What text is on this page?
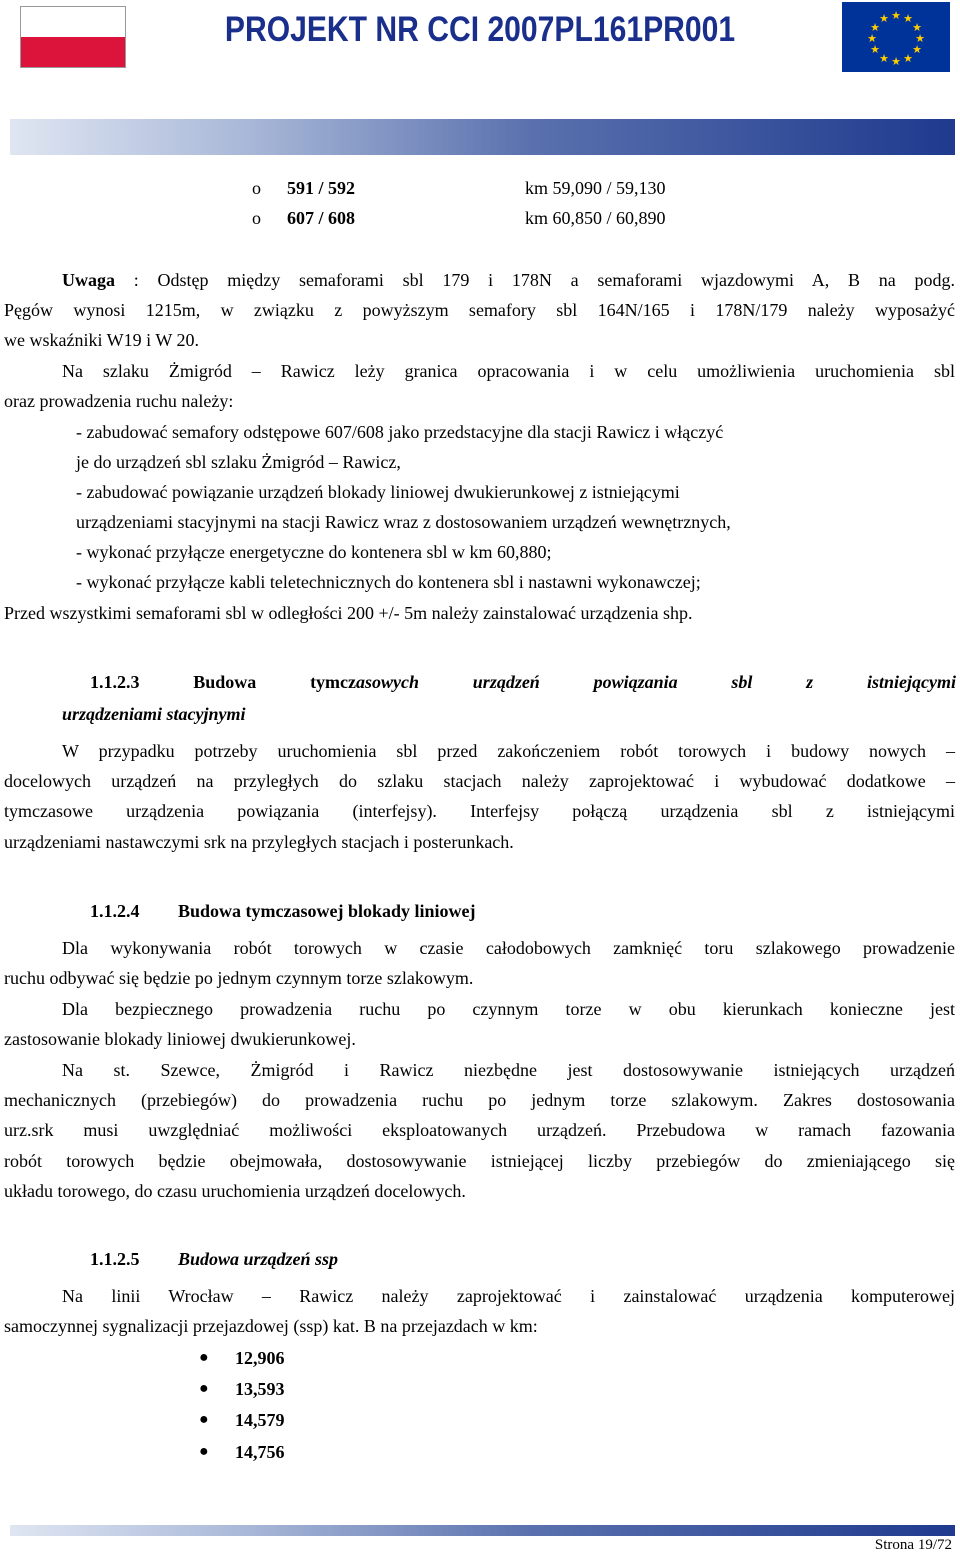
PROJEKT NR CCI 2007PL161PR001	★ ★
★
★
★
★
★
★
★
★
★
★
o 591 / 592	km 59,090 / 59,130
o 607 / 608	km 60,850 / 60,890
Uwaga : Odstęp między semaforami sbl 179 i 178N a semaforami wjazdowymi A, B na podg.
Pęgów wynosi 1215m, w związku z powyższym semafory sbl 164N/165 i 178N/179 należy wyposażyć
we wskaźniki W19 i W 20.
Na szlaku Żmigród – Rawicz leży granica opracowania i w celu umożliwienia uruchomienia sbl
oraz prowadzenia ruchu należy:
- zabudować semafory odstępowe 607/608 jako przedstacyjne dla stacji Rawicz i włączyć
je do urządzeń sbl szlaku Żmigród – Rawicz,
- zabudować powiązanie urządzeń blokady liniowej dwukierunkowej z istniejącymi
urządzeniami stacyjnymi na stacji Rawicz wraz z dostosowaniem urządzeń wewnętrznych,
- wykonać przyłącze energetyczne do kontenera sbl w km 60,880;
- wykonać przyłącze kabli teletechnicznych do kontenera sbl i nastawni wykonawczej;
Przed wszystkimi semaforami sbl w odległości 200 +/- 5m należy zainstalować urządzenia shp.
1.1.2.3	Budowa	tymczasowych	urządzeń	powiązania	sbl	z	istniejącymi
urządzeniami stacyjnymi
W przypadku potrzeby uruchomienia sbl przed zakończeniem robót torowych i budowy nowych –
docelowych urządzeń na przyległych do szlaku stacjach należy zaprojektować i wybudować dodatkowe –
tymczasowe urządzenia powiązania (interfejsy). Interfejsy połączą urządzenia sbl z istniejącymi
urządzeniami nastawczymi srk na przyległych stacjach i posterunkach.
1.1.2.4 Budowa tymczasowej blokady liniowej
Dla wykonywania robót torowych w czasie całodobowych zamknięć toru szlakowego prowadzenie
ruchu odbywać się będzie po jednym czynnym torze szlakowym.
Dla bezpiecznego prowadzenia ruchu po czynnym torze w obu kierunkach konieczne jest
zastosowanie blokady liniowej dwukierunkowej.
Na st. Szewce, Żmigród i Rawicz niezbędne jest dostosowywanie istniejących urządzeń
mechanicznych (przebiegów) do prowadzenia ruchu po jednym torze szlakowym. Zakres dostosowania
urz.srk musi uwzględniać możliwości eksploatowanych urządzeń. Przebudowa w ramach fazowania
robót torowych będzie obejmowała, dostosowywanie istniejącej liczby przebiegów do zmieniającego się
układu torowego, do czasu uruchomienia urządzeń docelowych.
1.1.2.5 Budowa urządzeń ssp
Na linii Wrocław – Rawicz należy zaprojektować i zainstalować urządzenia komputerowej
samoczynnej sygnalizacji przejazdowej (ssp) kat. B na przejazdach w km:
● 12,906
● 13,593
● 14,579
● 14,756
Strona 19/72
